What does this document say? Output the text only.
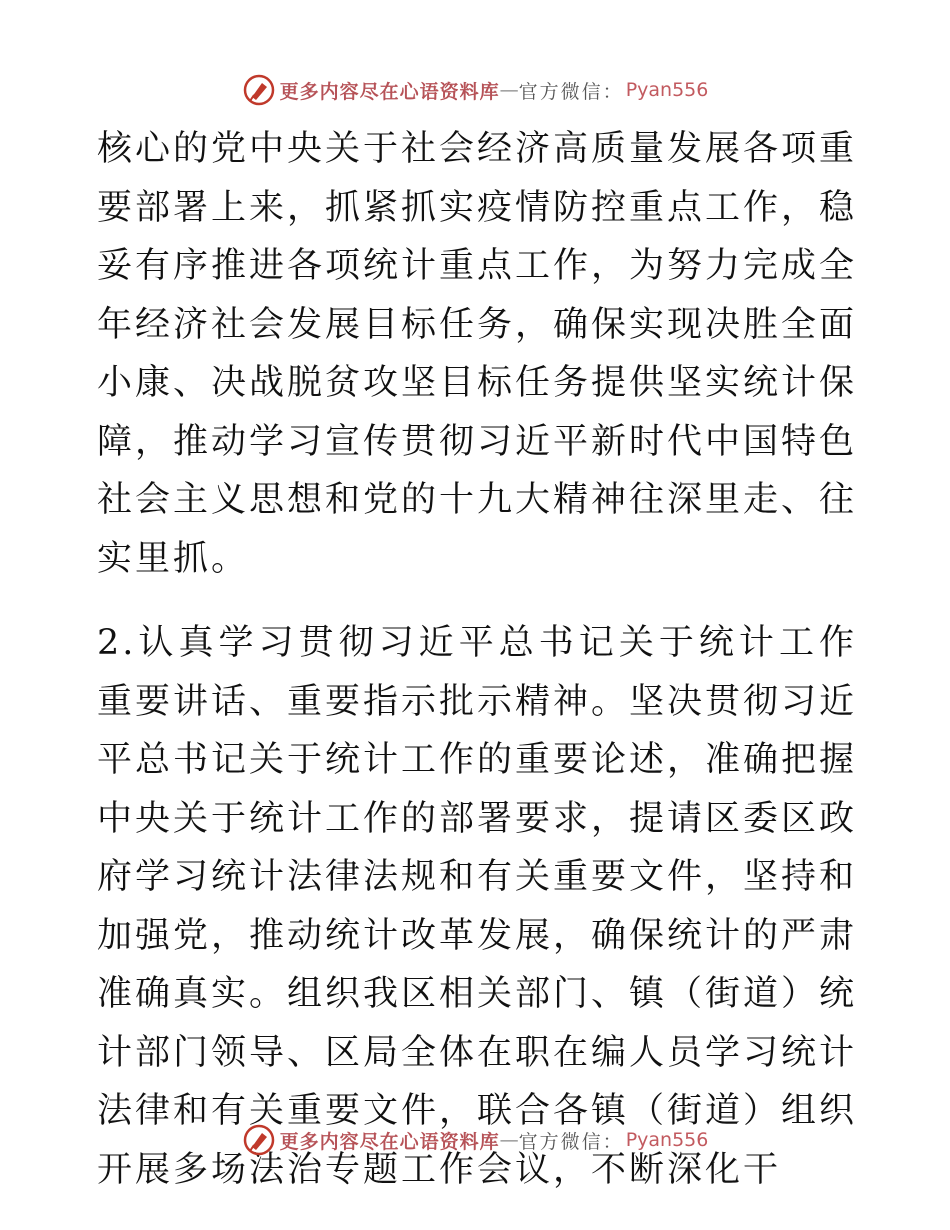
更多内容尽在心语资料库 — 官方微信： Pyan556

核心的党中央关于社会经济高质量发展各项重要部署上来，抓紧抓实疫情防控重点工作，稳妥有序推进各项统计重点工作，为努力完成全年经济社会发展目标任务，确保实现决胜全面小康、决战脱贫攻坚目标任务提供坚实统计保障，推动学习宣传贯彻习近平新时代中国特色社会主义思想和党的十九大精神往深里走、往实里抓。

2.认真学习贯彻习近平总书记关于统计工作重要讲话、重要指示批示精神。坚决贯彻习近平总书记关于统计工作的重要论述，准确把握中央关于统计工作的部署要求，提请区委区政府学习统计法律法规和有关重要文件，坚持和加强党，推动统计改革发展，确保统计的严肃准确真实。组织我区相关部门、镇（街道）统计部门领导、区局全体在职在编人员学习统计法律和有关重要文件，联合各镇（街道）组织开展多场法治专题工作会议，不断深化干

更多内容尽在心语资料库 — 官方微信： Pyan556
